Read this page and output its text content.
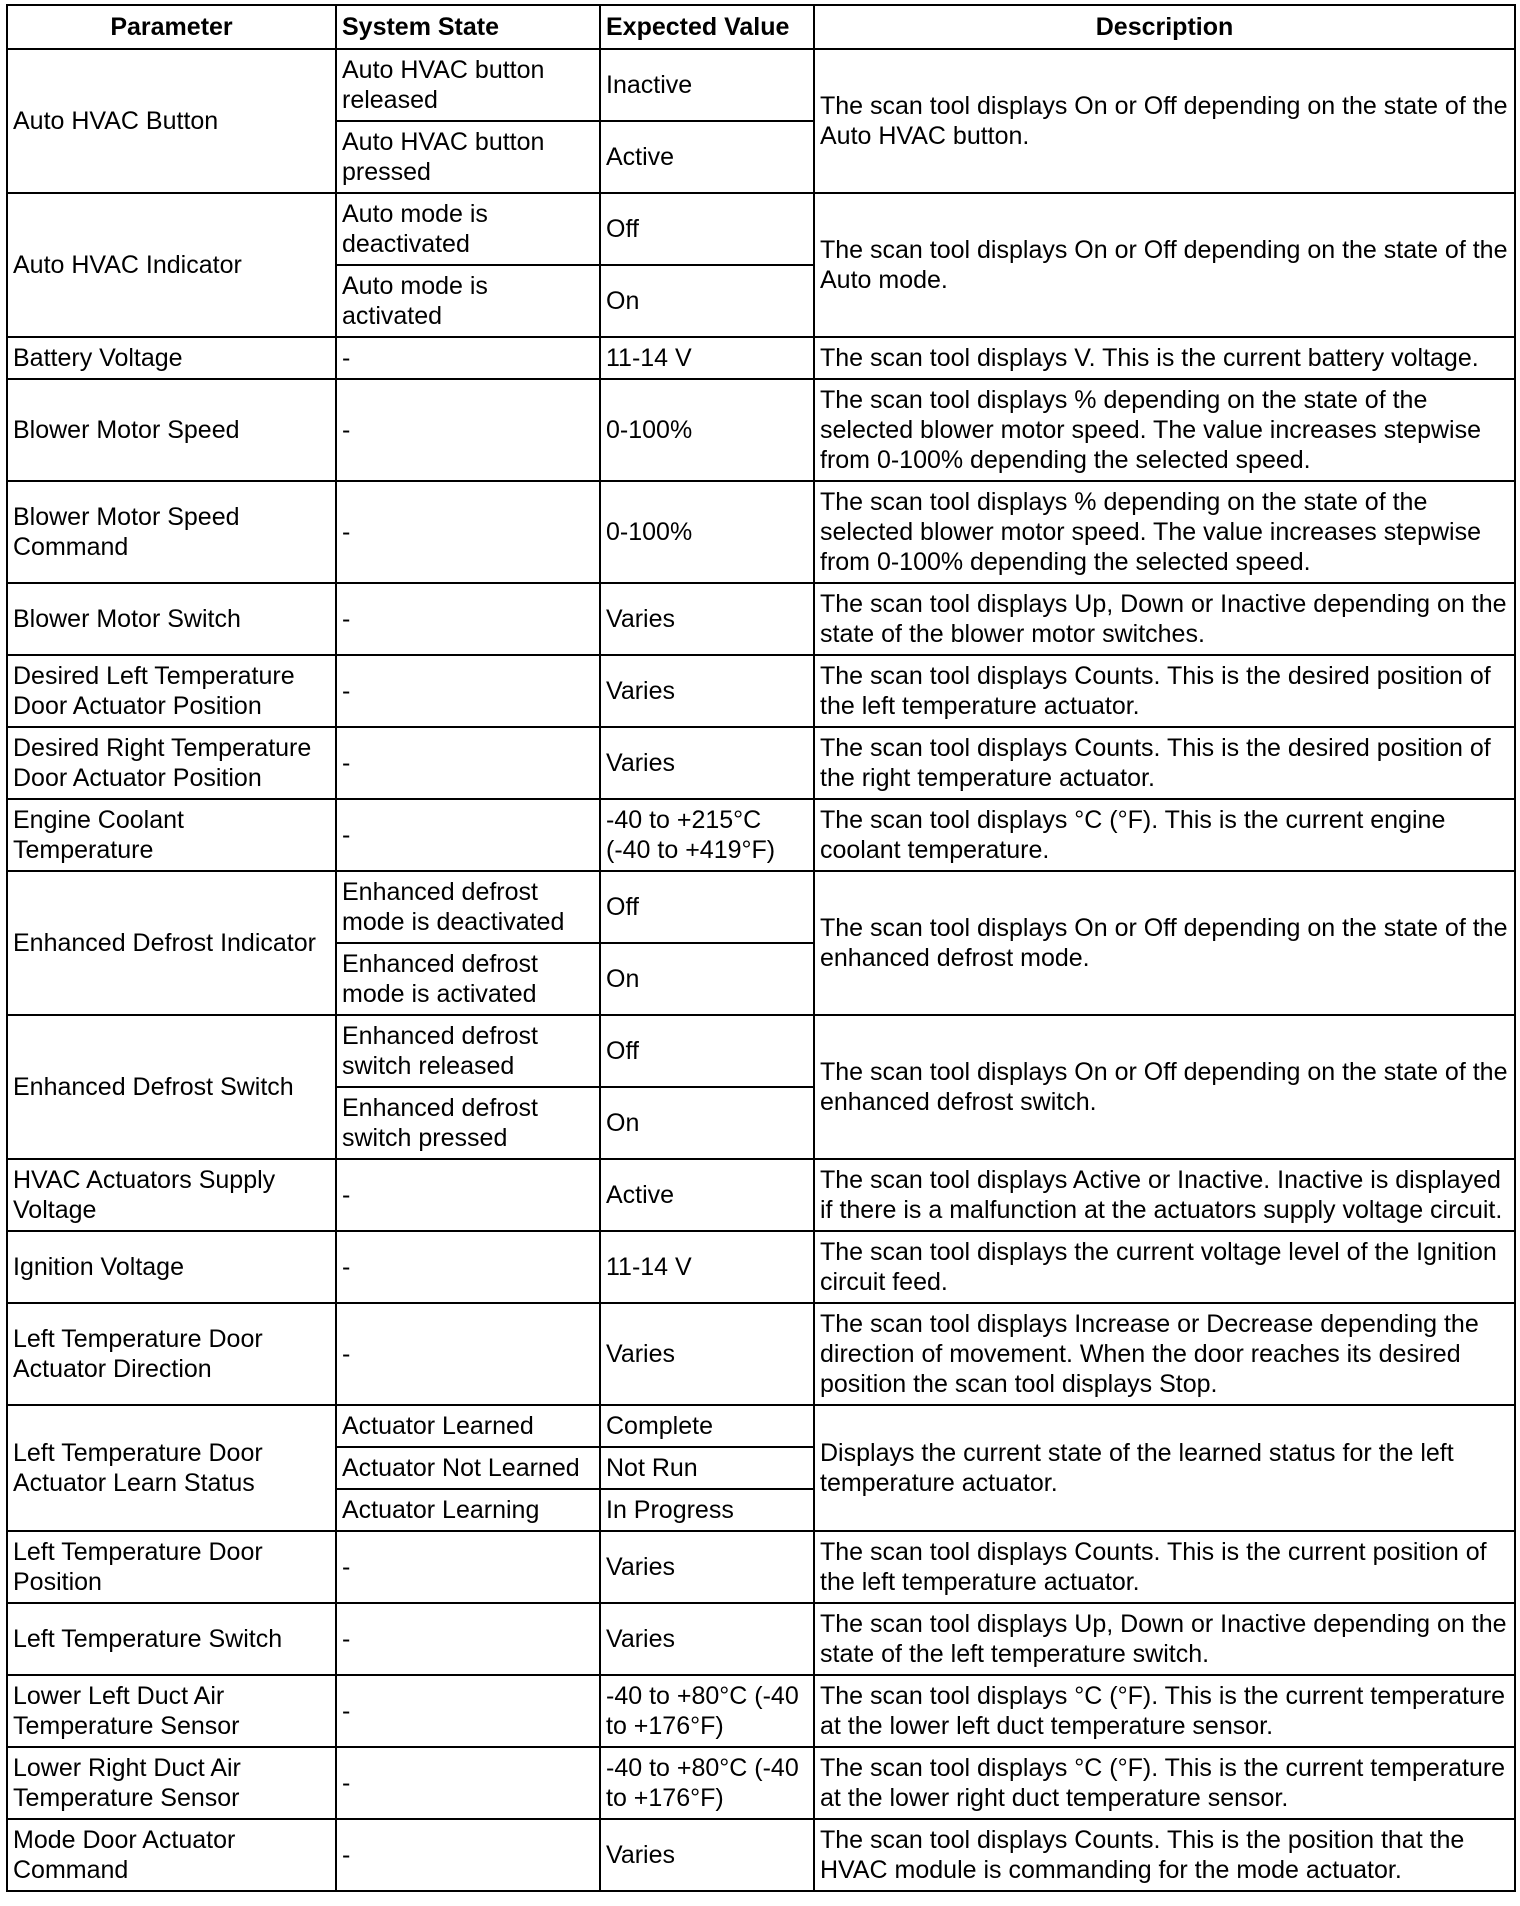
Parameter	System State	Expected Value	Description
Auto HVAC Button	Auto HVAC button released	Inactive	The scan tool displays On or Off depending on the state of the Auto HVAC button.
	Auto HVAC button pressed	Active	
Auto HVAC Indicator	Auto mode is deactivated	Off	The scan tool displays On or Off depending on the state of the Auto mode.
	Auto mode is activated	On	
Battery Voltage	-	11-14 V	The scan tool displays V. This is the current battery voltage.
Blower Motor Speed	-	0-100%	The scan tool displays % depending on the state of the selected blower motor speed. The value increases stepwise from 0-100% depending the selected speed.
Blower Motor Speed Command	-	0-100%	The scan tool displays % depending on the state of the selected blower motor speed. The value increases stepwise from 0-100% depending the selected speed.
Blower Motor Switch	-	Varies	The scan tool displays Up, Down or Inactive depending on the state of the blower motor switches.
Desired Left Temperature Door Actuator Position	-	Varies	The scan tool displays Counts. This is the desired position of the left temperature actuator.
Desired Right Temperature Door Actuator Position	-	Varies	The scan tool displays Counts. This is the desired position of the right temperature actuator.
Engine Coolant Temperature	-	-40 to +215°C (-40 to +419°F)	The scan tool displays °C (°F). This is the current engine coolant temperature.
Enhanced Defrost Indicator	Enhanced defrost mode is deactivated	Off	The scan tool displays On or Off depending on the state of the enhanced defrost mode.
	Enhanced defrost mode is activated	On	
Enhanced Defrost Switch	Enhanced defrost switch released	Off	The scan tool displays On or Off depending on the state of the enhanced defrost switch.
	Enhanced defrost switch pressed	On	
HVAC Actuators Supply Voltage	-	Active	The scan tool displays Active or Inactive. Inactive is displayed if there is a malfunction at the actuators supply voltage circuit.
Ignition Voltage	-	11-14 V	The scan tool displays the current voltage level of the Ignition circuit feed.
Left Temperature Door Actuator Direction	-	Varies	The scan tool displays Increase or Decrease depending the direction of movement. When the door reaches its desired position the scan tool displays Stop.
Left Temperature Door Actuator Learn Status	Actuator Learned	Complete	Displays the current state of the learned status for the left temperature actuator.
	Actuator Not Learned	Not Run	
	Actuator Learning	In Progress	
Left Temperature Door Position	-	Varies	The scan tool displays Counts. This is the current position of the left temperature actuator.
Left Temperature Switch	-	Varies	The scan tool displays Up, Down or Inactive depending on the state of the left temperature switch.
Lower Left Duct Air Temperature Sensor	-	-40 to +80°C (-40 to +176°F)	The scan tool displays °C (°F). This is the current temperature at the lower left duct temperature sensor.
Lower Right Duct Air Temperature Sensor	-	-40 to +80°C (-40 to +176°F)	The scan tool displays °C (°F). This is the current temperature at the lower right duct temperature sensor.
Mode Door Actuator Command	-	Varies	The scan tool displays Counts. This is the position that the HVAC module is commanding for the mode actuator.
